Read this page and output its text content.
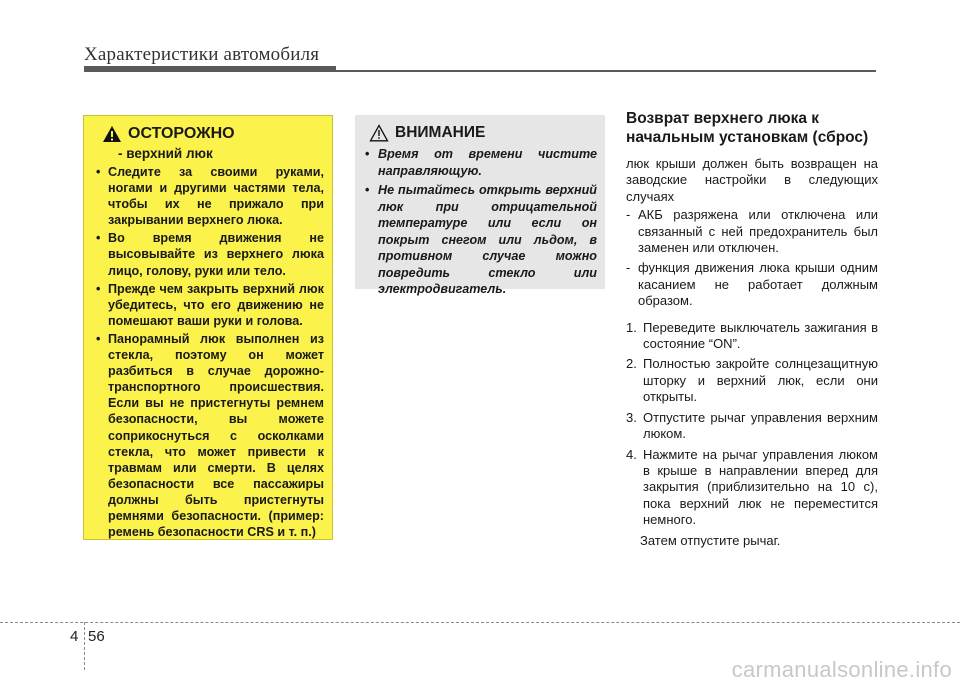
Характеристики автомобиля
ОСТОРОЖНО
- верхний люк
• Следите за своими руками, ногами и другими частями тела, чтобы их не прижало при закрывании верхнего люка.
• Во время движения не высовывайте из верхнего люка лицо, голову, руки или тело.
• Прежде чем закрыть верхний люк убедитесь, что его движению не помешают ваши руки и голова.
• Панорамный люк выполнен из стекла, поэтому он может разбиться в случае дорожно-транспортного происшествия. Если вы не пристегнуты ремнем безопасности, вы можете соприкоснуться с осколками стекла, что может привести к травмам или смерти. В целях безопасности все пассажиры должны быть пристегнуты ремнями безопасности. (пример: ремень безопасности CRS и т. п.)
ВНИМАНИЕ
• Время от времени чистите направляющую.
• Не пытайтесь открыть верхний люк при отрицательной температуре или если он покрыт снегом или льдом, в противном случае можно повредить стекло или электродвигатель.
Возврат верхнего люка к начальным установкам (сброс)
люк крыши должен быть возвращен на заводские настройки в следующих случаях
- АКБ разряжена или отключена или связанный с ней предохранитель был заменен или отключен.
- функция движения люка крыши одним касанием не работает должным образом.
1. Переведите выключатель зажигания в состояние “ON”.
2. Полностью закройте солнцезащитную шторку и верхний люк, если они открыты.
3. Отпустите рычаг управления верхним люком.
4. Нажмите на рычаг управления люком в крыше в направлении вперед для закрытия (приблизительно на 10 с), пока верхний люк не переместится немного.
Затем отпустите рычаг.
4 56
carmanualsonline.info
